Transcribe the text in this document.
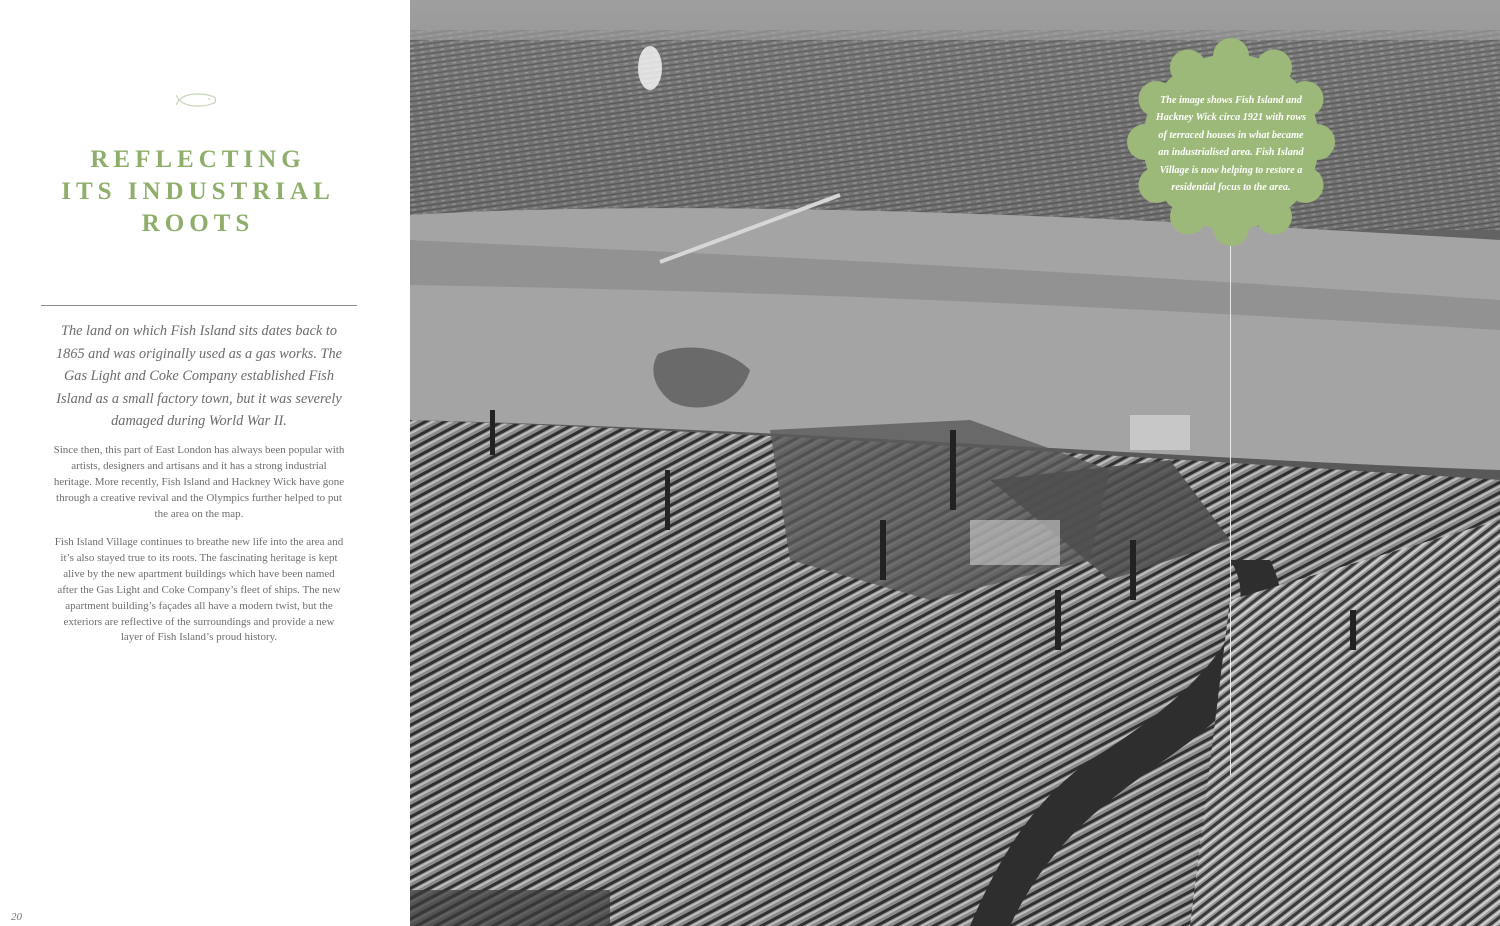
REFLECTING
ITS INDUSTRIAL
ROOTS

The land on which Fish Island sits dates back to 1865 and was originally used as a gas works. The Gas Light and Coke Company established Fish Island as a small factory town, but it was severely damaged during World War II.

Since then, this part of East London has always been popular with artists, designers and artisans and it has a strong industrial heritage. More recently, Fish Island and Hackney Wick have gone through a creative revival and the Olympics further helped to put the area on the map.

Fish Island Village continues to breathe new life into the area and it’s also stayed true to its roots. The fascinating heritage is kept alive by the new apartment buildings which have been named after the Gas Light and Coke Company’s fleet of ships. The new apartment building’s façades all have a modern twist, but the exteriors are reflective of the surroundings and provide a new layer of Fish Island’s proud history.

20

The image shows Fish Island and Hackney Wick circa 1921 with rows of terraced houses in what became an industrialised area. Fish Island Village is now helping to restore a residential focus to the area.
